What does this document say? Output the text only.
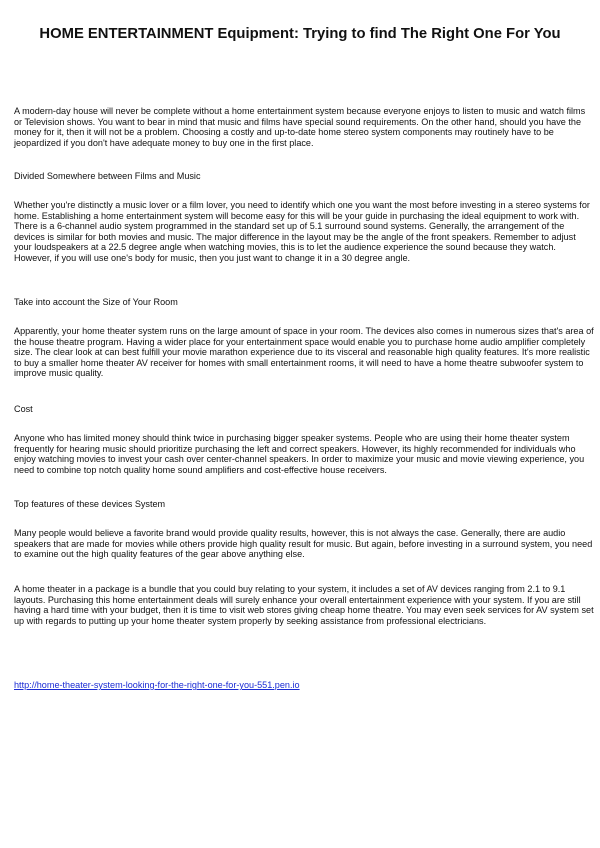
HOME ENTERTAINMENT Equipment: Trying to find The Right One For You

A modern-day house will never be complete without a home entertainment system because everyone enjoys to listen to music and watch films or Television shows. You want to bear in mind that music and films have special sound requirements. On the other hand, should you have the money for it, then it will not be a problem. Choosing a costly and up-to-date home stereo system components may routinely have to be jeopardized if you don't have adequate money to buy one in the first place.

Divided Somewhere between Films and Music

Whether you're distinctly a music lover or a film lover, you need to identify which one you want the most before investing in a stereo systems for home. Establishing a home entertainment system will become easy for this will be your guide in purchasing the ideal equipment to work with. There is a 6-channel audio system programmed in the standard set up of 5.1 surround sound systems. Generally, the arrangement of the devices is similar for both movies and music. The major difference in the layout may be the angle of the front speakers. Remember to adjust your loudspeakers at a 22.5 degree angle when watching movies, this is to let the audience experience the sound because they watch. However, if you will use one's body for music, then you just want to change it in a 30 degree angle.

Take into account the Size of Your Room

Apparently, your home theater system runs on the large amount of space in your room. The devices also comes in numerous sizes that's area of the house theatre program. Having a wider place for your entertainment space would enable you to purchase home audio amplifier completely size. The clear look at can best fulfill your movie marathon experience due to its visceral and reasonable high quality features. It's more realistic to buy a smaller home theater AV receiver for homes with small entertainment rooms, it will need to have a home theatre subwoofer system to improve music quality.

Cost

Anyone who has limited money should think twice in purchasing bigger speaker systems. People who are using their home theater system frequently for hearing music should prioritize purchasing the left and correct speakers. However, its highly recommended for individuals who enjoy watching movies to invest your cash over center-channel speakers. In order to maximize your music and movie viewing experience, you need to combine top notch quality home sound amplifiers and cost-effective house receivers.

Top features of these devices System

Many people would believe a favorite brand would provide quality results, however, this is not always the case. Generally, there are audio speakers that are made for movies while others provide high quality result for music. But again, before investing in a surround system, you need to examine out the high quality features of the gear above anything else.

A home theater in a package is a bundle that you could buy relating to your system, it includes a set of AV devices ranging from 2.1 to 9.1 layouts. Purchasing this home entertainment deals will surely enhance your overall entertainment experience with your system. If you are still having a hard time with your budget, then it is time to visit web stores giving cheap home theatre. You may even seek services for AV system set up with regards to putting up your home theater system properly by seeking assistance from professional electricians.

http://home-theater-system-looking-for-the-right-one-for-you-551.pen.io
